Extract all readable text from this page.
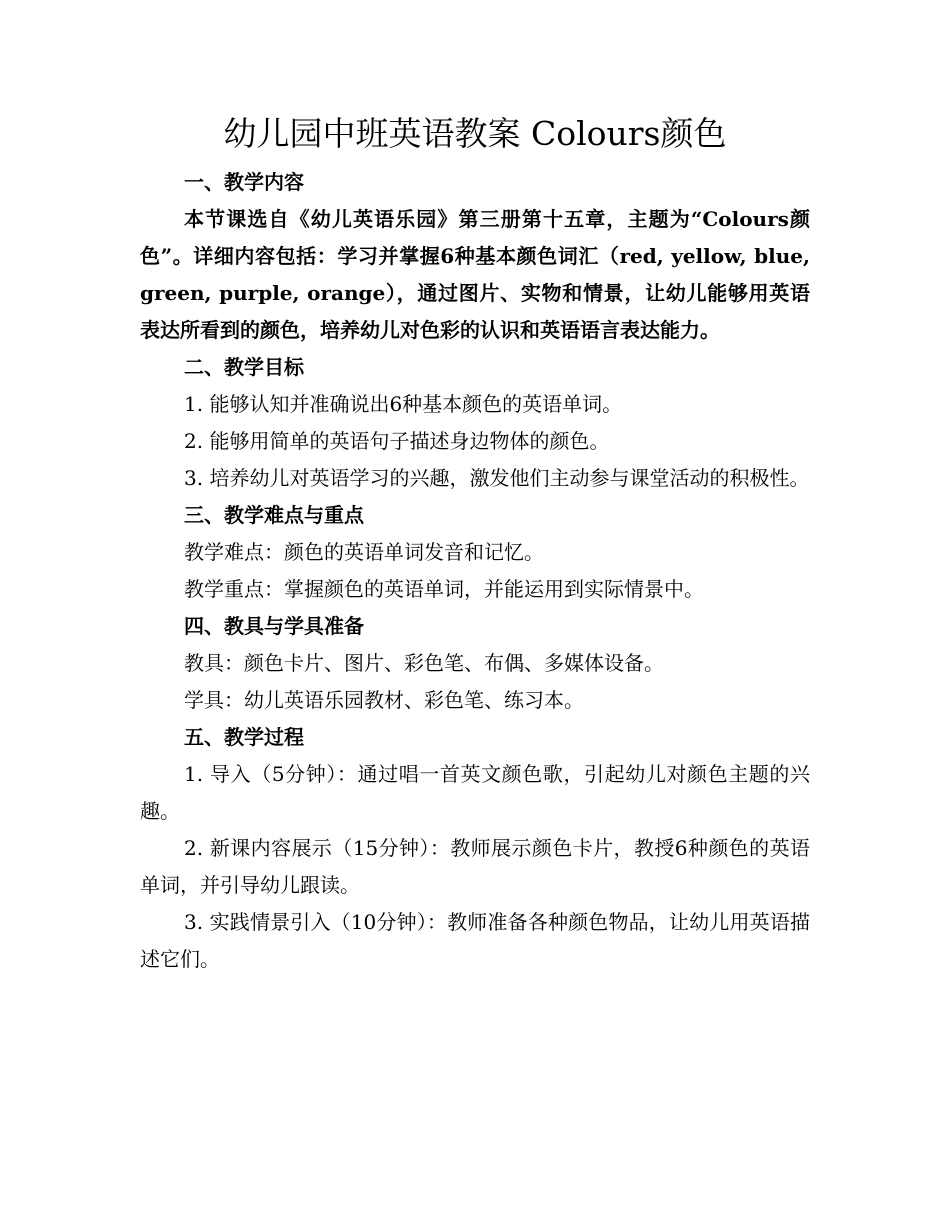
幼儿园中班英语教案 Colours颜色

一、教学内容

本节课选自《幼儿英语乐园》第三册第十五章，主题为“Colours颜色”。详细内容包括：学习并掌握6种基本颜色词汇（red, yellow, blue, green, purple, orange），通过图片、实物和情景，让幼儿能够用英语表达所看到的颜色，培养幼儿对色彩的认识和英语语言表达能力。

二、教学目标

1. 能够认知并准确说出6种基本颜色的英语单词。

2. 能够用简单的英语句子描述身边物体的颜色。

3. 培养幼儿对英语学习的兴趣，激发他们主动参与课堂活动的积极性。

三、教学难点与重点

教学难点：颜色的英语单词发音和记忆。

教学重点：掌握颜色的英语单词，并能运用到实际情景中。

四、教具与学具准备

教具：颜色卡片、图片、彩色笔、布偶、多媒体设备。

学具：幼儿英语乐园教材、彩色笔、练习本。

五、教学过程

1. 导入（5分钟）：通过唱一首英文颜色歌，引起幼儿对颜色主题的兴趣。

2. 新课内容展示（15分钟）：教师展示颜色卡片，教授6种颜色的英语单词，并引导幼儿跟读。

3. 实践情景引入（10分钟）：教师准备各种颜色物品，让幼儿用英语描述它们。
